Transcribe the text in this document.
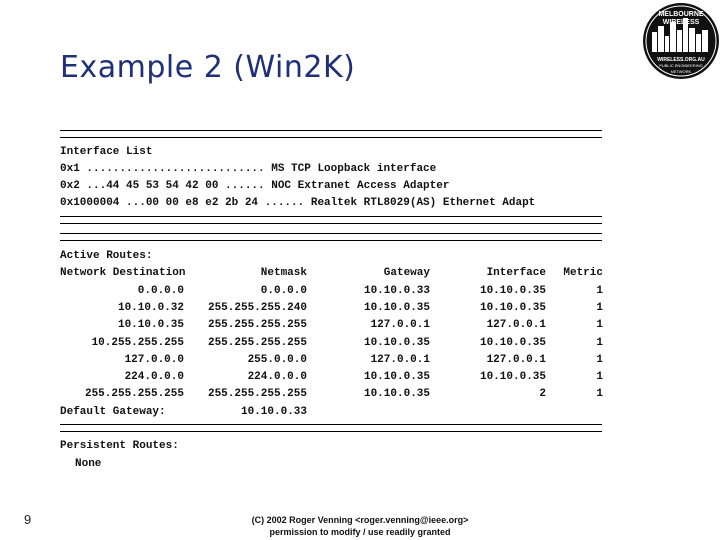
Example 2 (Win2K)
MELBOURNE
WIRELESS
WIRELESS.ORG.AU
PUBLIC ENGINEERING
NETWORK
Interface List
0x1 ........................... MS TCP Loopback interface
0x2 ...44 45 53 54 42 00 ...... NOC Extranet Access Adapter
0x1000004 ...00 00 e8 e2 2b 24 ...... Realtek RTL8029(AS) Ethernet Adapt
Active Routes:
Network Destination	Netmask	Gateway	Interface	Metric
0.0.0.0	0.0.0.0	10.10.0.33	10.10.0.35	1
10.10.0.32	255.255.255.240	10.10.0.35	10.10.0.35	1
10.10.0.35	255.255.255.255	127.0.0.1	127.0.0.1	1
10.255.255.255	255.255.255.255	10.10.0.35	10.10.0.35	1
127.0.0.0	255.0.0.0	127.0.0.1	127.0.0.1	1
224.0.0.0	224.0.0.0	10.10.0.35	10.10.0.35	1
255.255.255.255	255.255.255.255	10.10.0.35	2	1
Default Gateway:	10.10.0.33
Persistent Routes:
None
9	(C) 2002 Roger Venning <roger.venning@ieee.org>
permission to modify / use readily granted
